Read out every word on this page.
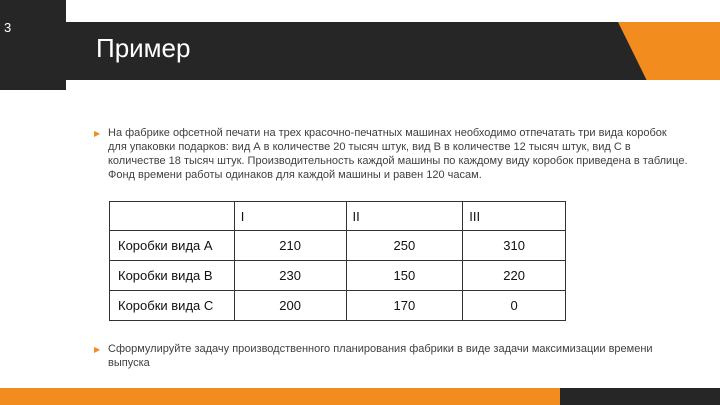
3
Пример
▶ На фабрике офсетной печати на трех красочно-печатных машинах необходимо отпечатать три вида коробок для упаковки подарков: вид А в количестве 20 тысяч штук, вид В в количестве 12 тысяч штук, вид С в количестве 18 тысяч штук. Производительность каждой машины по каждому виду коробок приведена в таблице. Фонд времени работы одинаков для каждой машины и равен 120 часам.
	I	II	III
Коробки вида А	210	250	310
Коробки вида В	230	150	220
Коробки вида С	200	170	0
▶ Сформулируйте задачу производственного планирования фабрики в виде задачи максимизации времени выпуска
